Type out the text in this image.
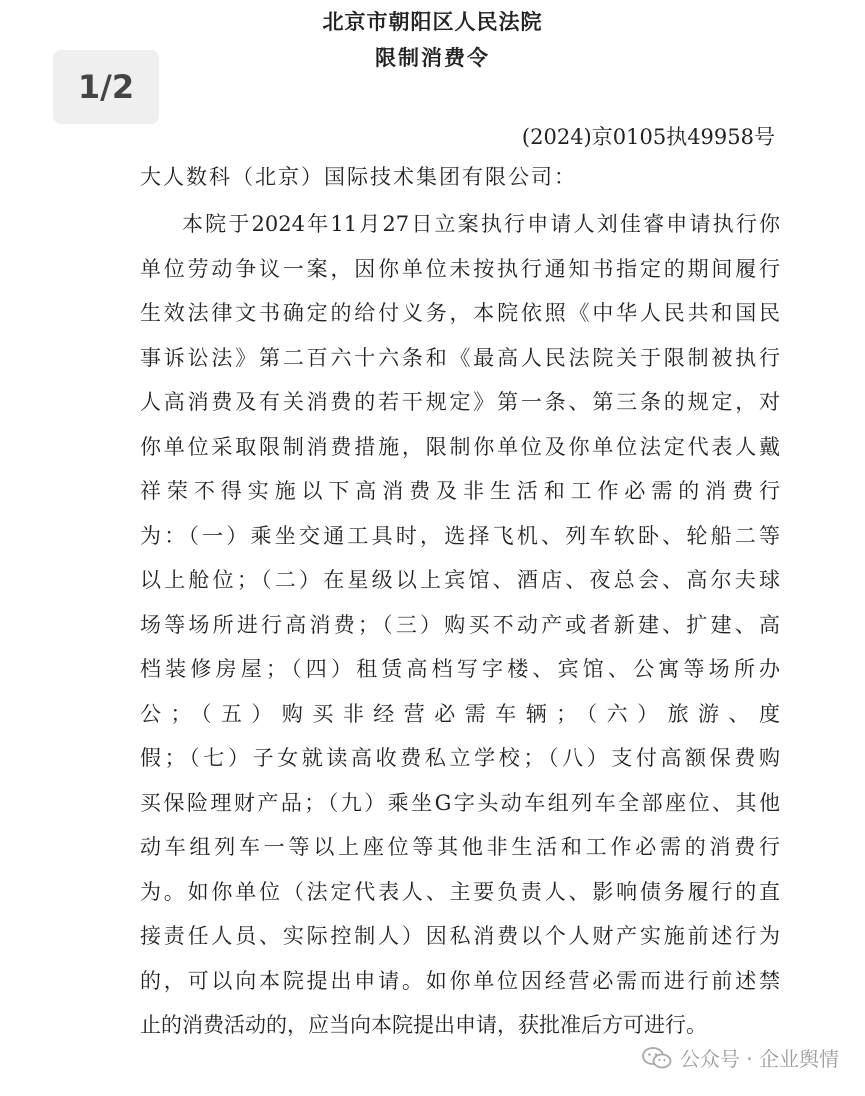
北京市朝阳区人民法院
限制消费令
1/2
(2024)京0105执49958号
大人数科（北京）国际技术集团有限公司：
本院于2024年11月27日立案执行申请人刘佳睿申请执行你
单位劳动争议一案，因你单位未按执行通知书指定的期间履行
生效法律文书确定的给付义务，本院依照《中华人民共和国民
事诉讼法》第二百六十六条和《最高人民法院关于限制被执行
人高消费及有关消费的若干规定》第一条、第三条的规定，对
你单位采取限制消费措施，限制你单位及你单位法定代表人戴
祥荣不得实施以下高消费及非生活和工作必需的消费行
为：（一）乘坐交通工具时，选择飞机、列车软卧、轮船二等
以上舱位；（二）在星级以上宾馆、酒店、夜总会、高尔夫球
场等场所进行高消费；（三）购买不动产或者新建、扩建、高
档装修房屋；（四）租赁高档写字楼、宾馆、公寓等场所办
公；（五）购买非经营必需车辆；（六）旅游、度
假；（七）子女就读高收费私立学校；（八）支付高额保费购
买保险理财产品；（九）乘坐G字头动车组列车全部座位、其他
动车组列车一等以上座位等其他非生活和工作必需的消费行
为。如你单位（法定代表人、主要负责人、影响债务履行的直
接责任人员、实际控制人）因私消费以个人财产实施前述行为
的，可以向本院提出申请。如你单位因经营必需而进行前述禁
止的消费活动的，应当向本院提出申请，获批准后方可进行。
公众号 · 企业舆情
